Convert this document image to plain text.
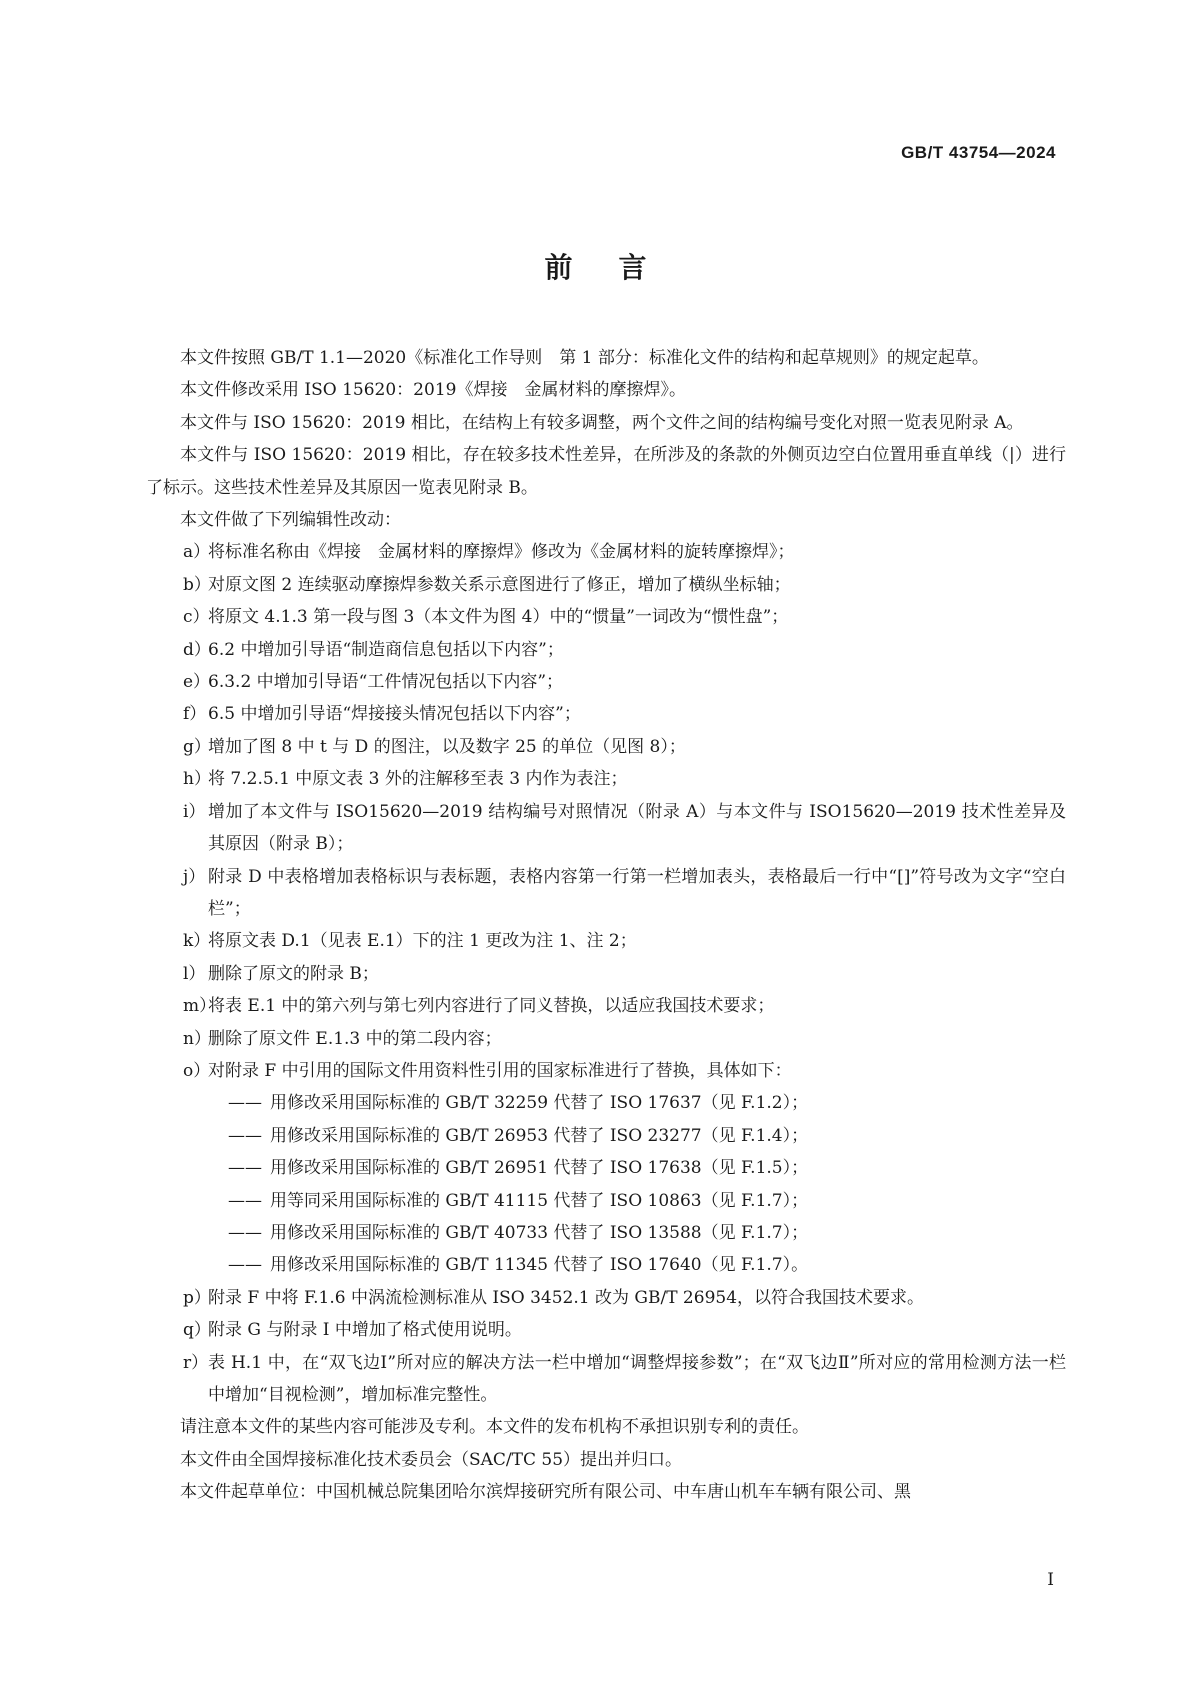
GB/T 43754—2024
前言

本文件按照 GB/T 1.1—2020《标准化工作导则　第 1 部分：标准化文件的结构和起草规则》的规定起草。

本文件修改采用 ISO 15620：2019《焊接　金属材料的摩擦焊》。

本文件与 ISO 15620：2019 相比，在结构上有较多调整，两个文件之间的结构编号变化对照一览表见附录 A。

本文件与 ISO 15620：2019 相比，存在较多技术性差异，在所涉及的条款的外侧页边空白位置用垂直单线（|）进行了标示。这些技术性差异及其原因一览表见附录 B。

本文件做了下列编辑性改动：

a）
将标准名称由《焊接　金属材料的摩擦焊》修改为《金属材料的旋转摩擦焊》；
b）
对原文图 2 连续驱动摩擦焊参数关系示意图进行了修正，增加了横纵坐标轴；
c）
将原文 4.1.3 第一段与图 3（本文件为图 4）中的“惯量”一词改为“惯性盘”；
d）
6.2 中增加引导语“制造商信息包括以下内容”；
e）
6.3.2 中增加引导语“工件情况包括以下内容”；
f） 6.5 中增加引导语“焊接接头情况包括以下内容”；
g）
增加了图 8 中 t 与 D 的图注，以及数字 25 的单位（见图 8）；
h）
将 7.2.5.1 中原文表 3 外的注解移至表 3 内作为表注；
i） 增加了本文件与 ISO15620—2019 结构编号对照情况（附录 A）与本文件与 ISO15620—2019 技术性差异及其原因（附录 B）；
j） 附录 D 中表格增加表格标识与表标题，表格内容第一行第一栏增加表头，表格最后一行中“[]”符号改为文字“空白栏”；
k）
将原文表 D.1（见表 E.1）下的注 1 更改为注 1、注 2；
l） 删除了原文的附录 B；
m）
将表 E.1 中的第六列与第七列内容进行了同义替换，以适应我国技术要求；
n）
删除了原文件 E.1.3 中的第二段内容；
o）
对附录 F 中引用的国际文件用资料性引用的国家标准进行了替换，具体如下：
—— 用修改采用国际标准的 GB/T 32259 代替了 ISO 17637（见 F.1.2）；
—— 用修改采用国际标准的 GB/T 26953 代替了 ISO 23277（见 F.1.4）；
—— 用修改采用国际标准的 GB/T 26951 代替了 ISO 17638（见 F.1.5）；
—— 用等同采用国际标准的 GB/T 41115 代替了 ISO 10863（见 F.1.7）；
—— 用修改采用国际标准的 GB/T 40733 代替了 ISO 13588（见 F.1.7）；
—— 用修改采用国际标准的 GB/T 11345 代替了 ISO 17640（见 F.1.7）。
p）
附录 F 中将 F.1.6 中涡流检测标准从 ISO 3452.1 改为 GB/T 26954，以符合我国技术要求。
q）
附录 G 与附录 I 中增加了格式使用说明。
r） 表 H.1 中，在“双飞边Ⅰ”所对应的解决方法一栏中增加“调整焊接参数”；在“双飞边Ⅱ”所对应的常用检测方法一栏中增加“目视检测”，增加标准完整性。

请注意本文件的某些内容可能涉及专利。本文件的发布机构不承担识别专利的责任。

本文件由全国焊接标准化技术委员会（SAC/TC 55）提出并归口。

本文件起草单位：中国机械总院集团哈尔滨焊接研究所有限公司、中车唐山机车车辆有限公司、黑

Ⅰ
